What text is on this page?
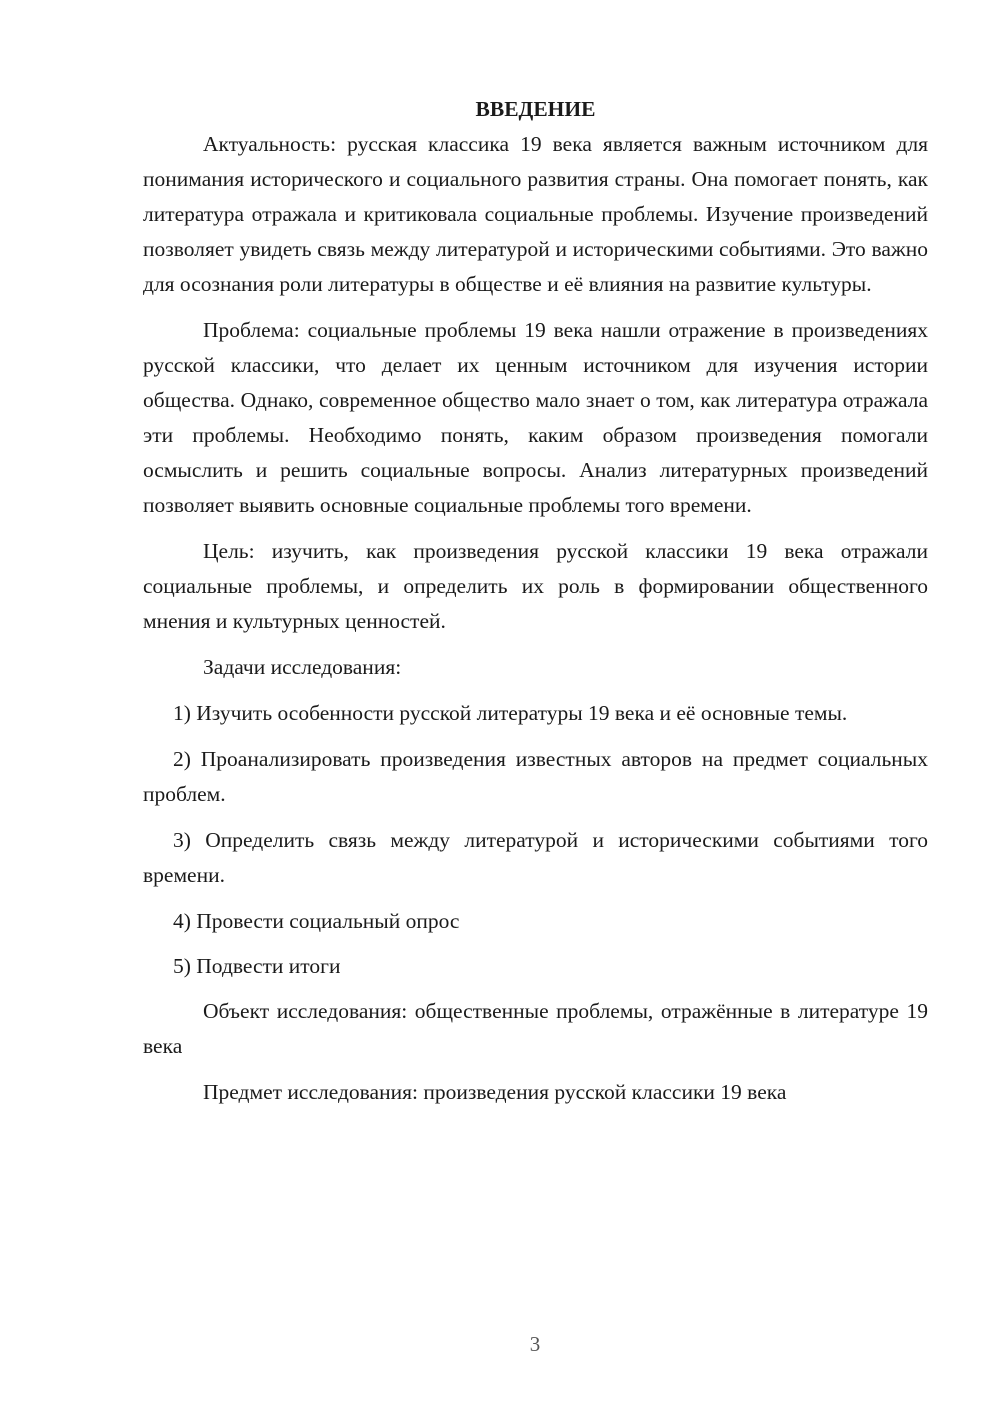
ВВЕДЕНИЕ

Актуальность: русская классика 19 века является важным источником для понимания исторического и социального развития страны. Она помогает понять, как литература отражала и критиковала социальные проблемы. Изучение произведений позволяет увидеть связь между литературой и историческими событиями. Это важно для осознания роли литературы в обществе и её влияния на развитие культуры.

Проблема: социальные проблемы 19 века нашли отражение в произведениях русской классики, что делает их ценным источником для изучения истории общества. Однако, современное общество мало знает о том, как литература отражала эти проблемы. Необходимо понять, каким образом произведения помогали осмыслить и решить социальные вопросы. Анализ литературных произведений позволяет выявить основные социальные проблемы того времени.

Цель: изучить, как произведения русской классики 19 века отражали социальные проблемы, и определить их роль в формировании общественного мнения и культурных ценностей.

Задачи исследования:

1) Изучить особенности русской литературы 19 века и её основные темы.

2) Проанализировать произведения известных авторов на предмет социальных проблем.

3) Определить связь между литературой и историческими событиями того времени.

4) Провести социальный опрос

5) Подвести итоги

Объект исследования: общественные проблемы, отражённые в литературе 19 века

Предмет исследования: произведения русской классики 19 века

3
